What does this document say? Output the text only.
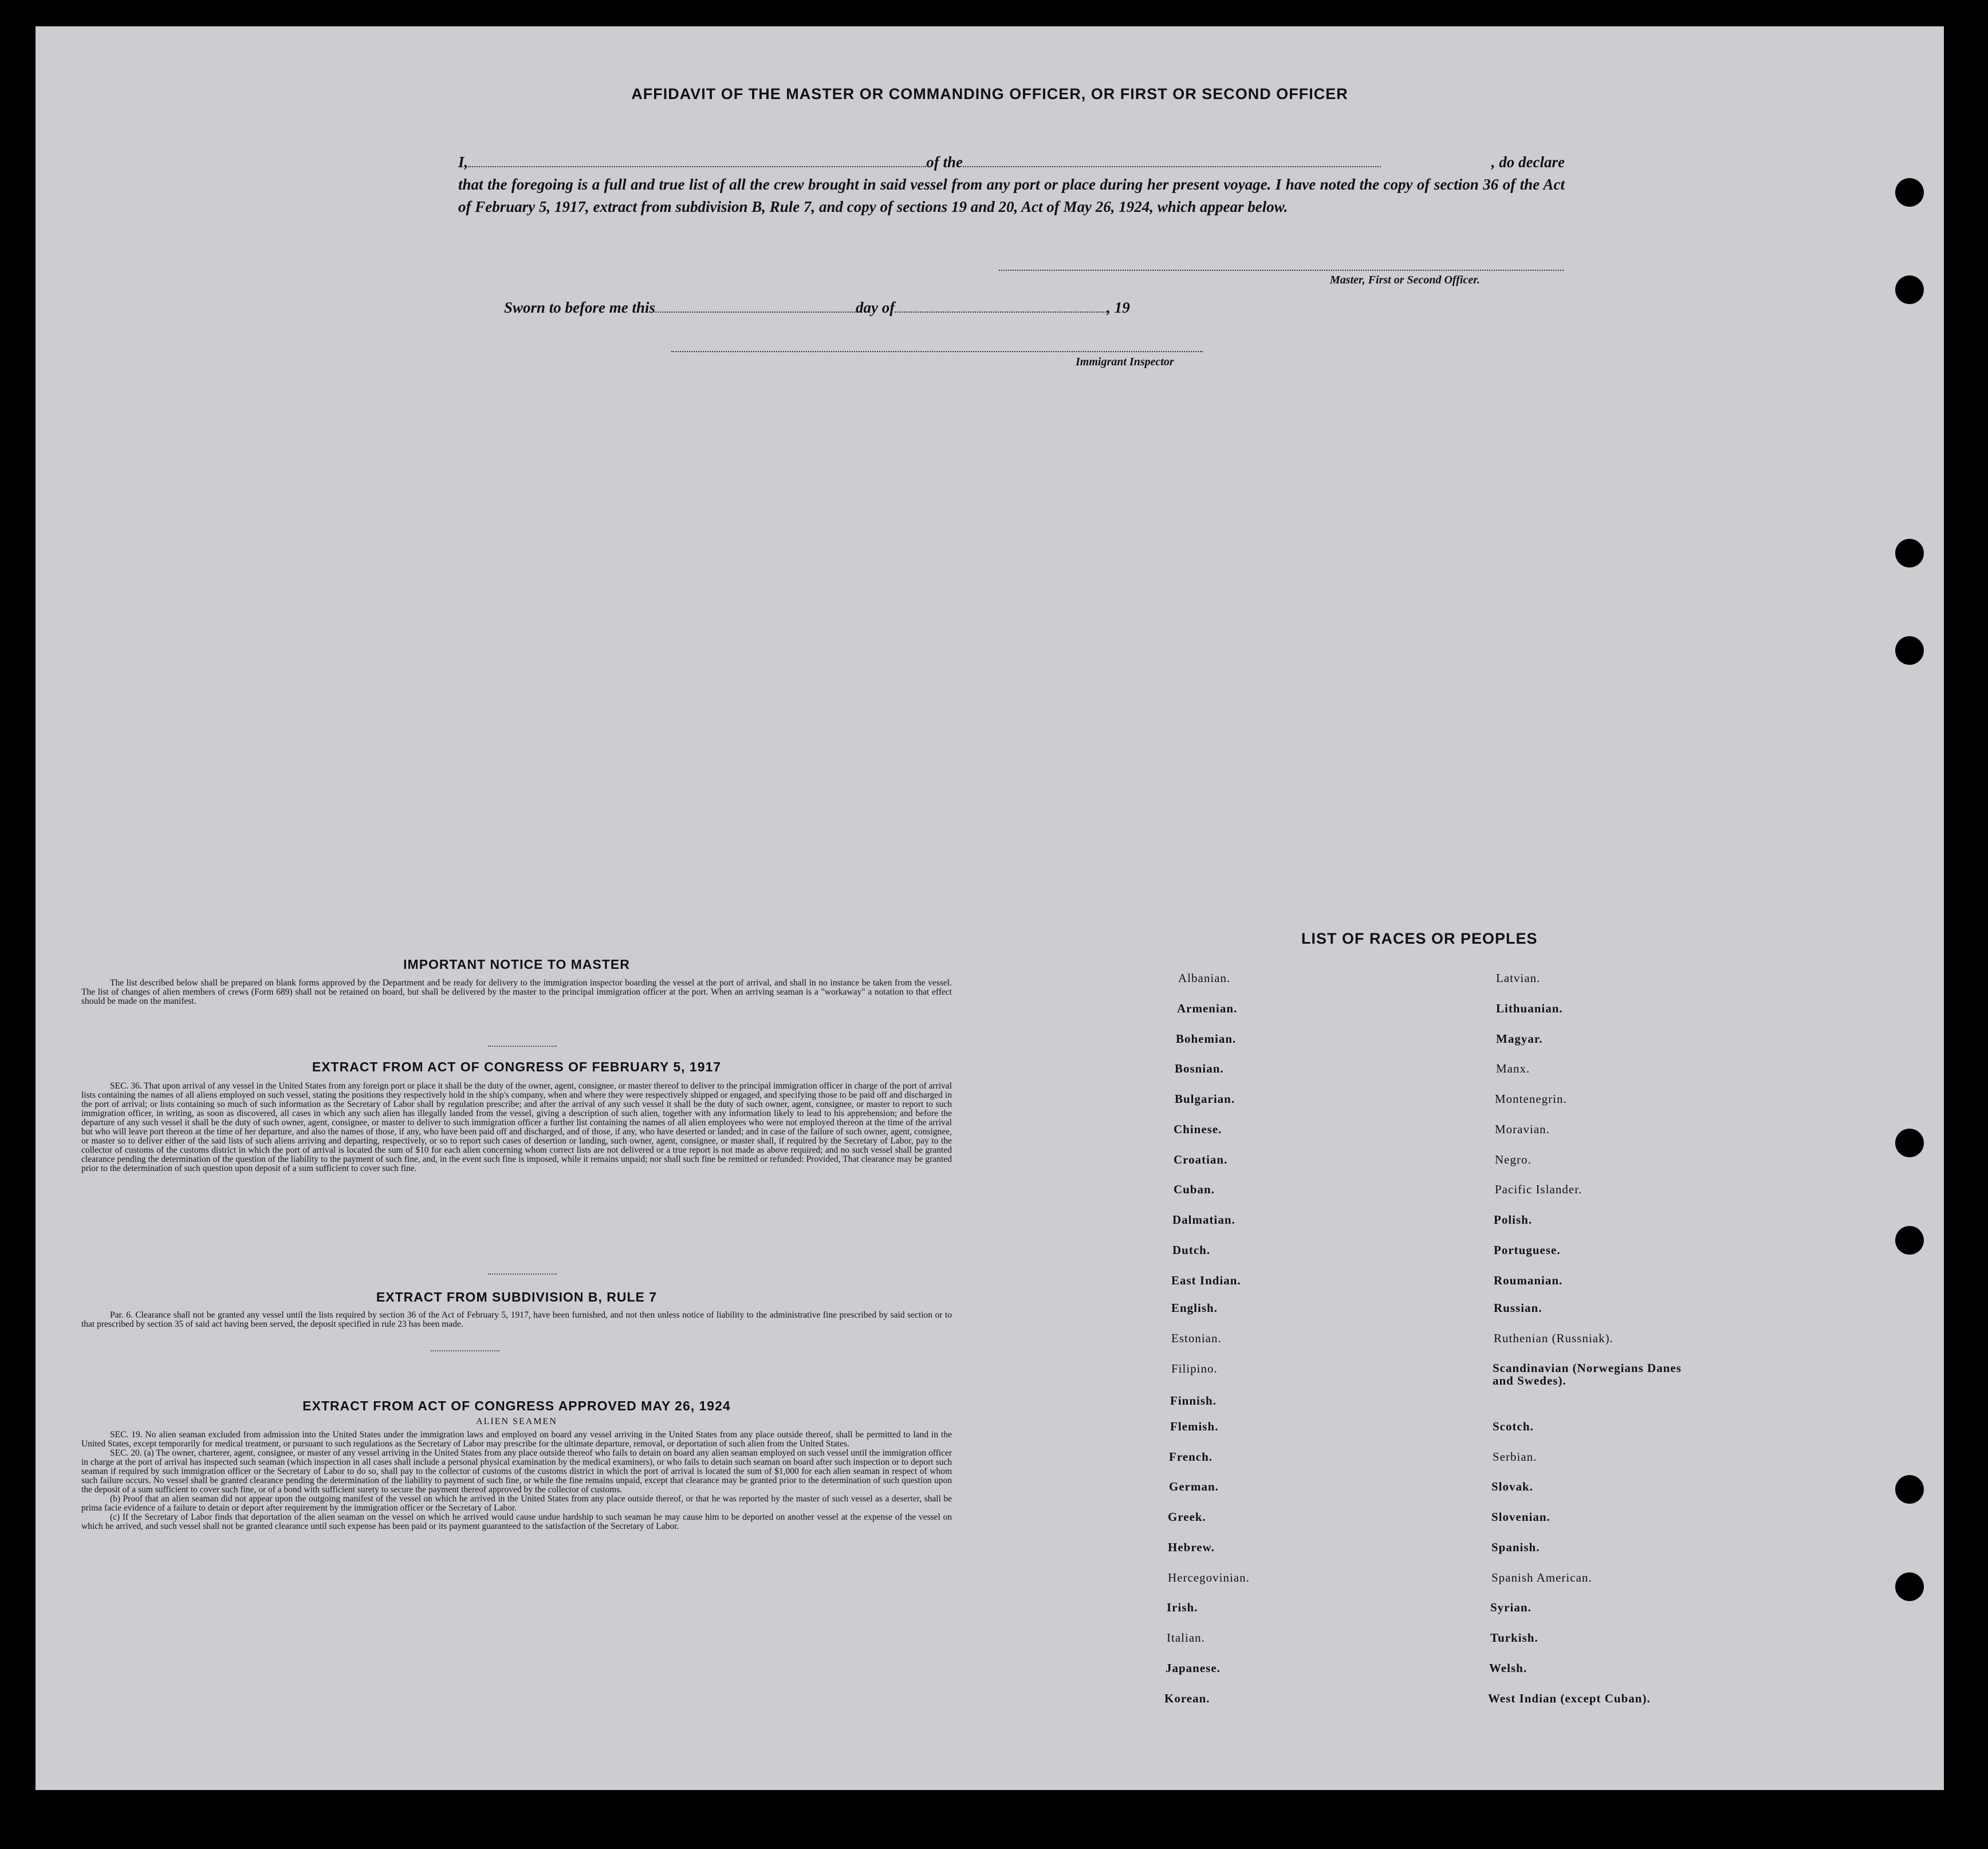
AFFIDAVIT OF THE MASTER OR COMMANDING OFFICER, OR FIRST OR SECOND OFFICER
I,	of the	, do declare
that the foregoing is a full and true list of all the crew brought in said vessel from any port or place during her present voyage. I have noted the copy of section 36 of the Act of February 5, 1917, extract from subdivision B, Rule 7, and copy of sections 19 and 20, Act of May 26, 1924, which appear below.
Master, First or Second Officer.
Sworn to before me this	day of	, 19
Immigrant Inspector
IMPORTANT NOTICE TO MASTER
The list described below shall be prepared on blank forms approved by the Department and be ready for delivery to the immigration inspector boarding the vessel at the port of arrival, and shall in no instance be taken from the vessel. The list of changes of alien members of crews (Form 689) shall not be retained on board, but shall be delivered by the master to the principal immigration officer at the port. When an arriving seaman is a "workaway" a notation to that effect should be made on the manifest.
EXTRACT FROM ACT OF CONGRESS OF FEBRUARY 5, 1917
SEC. 36. That upon arrival of any vessel in the United States from any foreign port or place it shall be the duty of the owner, agent, consignee, or master thereof to deliver to the principal immigration officer in charge of the port of arrival lists containing the names of all aliens employed on such vessel, stating the positions they respectively hold in the ship's company, when and where they were respectively shipped or engaged, and specifying those to be paid off and discharged in the port of arrival; or lists containing so much of such information as the Secretary of Labor shall by regulation prescribe; and after the arrival of any such vessel it shall be the duty of such owner, agent, consignee, or master to report to such immigration officer, in writing, as soon as discovered, all cases in which any such alien has illegally landed from the vessel, giving a description of such alien, together with any information likely to lead to his apprehension; and before the departure of any such vessel it shall be the duty of such owner, agent, consignee, or master to deliver to such immigration officer a further list containing the names of all alien employees who were not employed thereon at the time of the arrival but who will leave port thereon at the time of her departure, and also the names of those, if any, who have been paid off and discharged, and of those, if any, who have deserted or landed; and in case of the failure of such owner, agent, consignee, or master so to deliver either of the said lists of such aliens arriving and departing, respectively, or so to report such cases of desertion or landing, such owner, agent, consignee, or master shall, if required by the Secretary of Labor, pay to the collector of customs of the customs district in which the port of arrival is located the sum of $10 for each alien concerning whom correct lists are not delivered or a true report is not made as above required; and no such vessel shall be granted clearance pending the determination of the question of the liability to the payment of such fine, and, in the event such fine is imposed, while it remains unpaid; nor shall such fine be remitted or refunded: Provided, That clearance may be granted prior to the determination of such question upon deposit of a sum sufficient to cover such fine.
EXTRACT FROM SUBDIVISION B, RULE 7
Par. 6. Clearance shall not be granted any vessel until the lists required by section 36 of the Act of February 5, 1917, have been furnished, and not then unless notice of liability to the administrative fine prescribed by said section or to that prescribed by section 35 of said act having been served, the deposit specified in rule 23 has been made.
EXTRACT FROM ACT OF CONGRESS APPROVED MAY 26, 1924
ALIEN SEAMEN
SEC. 19. No alien seaman excluded from admission into the United States under the immigration laws and employed on board any vessel arriving in the United States from any place outside thereof, shall be permitted to land in the United States, except temporarily for medical treatment, or pursuant to such regulations as the Secretary of Labor may prescribe for the ultimate departure, removal, or deportation of such alien from the United States.
SEC. 20. (a) The owner, charterer, agent, consignee, or master of any vessel arriving in the United States from any place outside thereof who fails to detain on board any alien seaman employed on such vessel until the immigration officer in charge at the port of arrival has inspected such seaman (which inspection in all cases shall include a personal physical examination by the medical examiners), or who fails to detain such seaman on board after such inspection or to deport such seaman if required by such immigration officer or the Secretary of Labor to do so, shall pay to the collector of customs of the customs district in which the port of arrival is located the sum of $1,000 for each alien seaman in respect of whom such failure occurs. No vessel shall be granted clearance pending the determination of the liability to payment of such fine, or while the fine remains unpaid, except that clearance may be granted prior to the determination of such question upon the deposit of a sum sufficient to cover such fine, or of a bond with sufficient surety to secure the payment thereof approved by the collector of customs.
(b) Proof that an alien seaman did not appear upon the outgoing manifest of the vessel on which he arrived in the United States from any place outside thereof, or that he was reported by the master of such vessel as a deserter, shall be prima facie evidence of a failure to detain or deport after requirement by the immigration officer or the Secretary of Labor.
(c) If the Secretary of Labor finds that deportation of the alien seaman on the vessel on which he arrived would cause undue hardship to such seaman he may cause him to be deported on another vessel at the expense of the vessel on which he arrived, and such vessel shall not be granted clearance until such expense has been paid or its payment guaranteed to the satisfaction of the Secretary of Labor.
LIST OF RACES OR PEOPLES
Albanian.
Armenian.
Bohemian.
Bosnian.
Bulgarian.
Chinese.
Croatian.
Cuban.
Dalmatian.
Dutch.
East Indian.
English.
Estonian.
Filipino.
Finnish.
Flemish.
French.
German.
Greek.
Hebrew.
Hercegovinian.
Irish.
Italian.
Japanese.
Korean.
Latvian.
Lithuanian.
Magyar.
Manx.
Montenegrin.
Moravian.
Negro.
Pacific Islander.
Polish.
Portuguese.
Roumanian.
Russian.
Ruthenian (Russniak).
Scandinavian (Norwegians Danes and Swedes).
Scotch.
Serbian.
Slovak.
Slovenian.
Spanish.
Spanish American.
Syrian.
Turkish.
Welsh.
West Indian (except Cuban).
